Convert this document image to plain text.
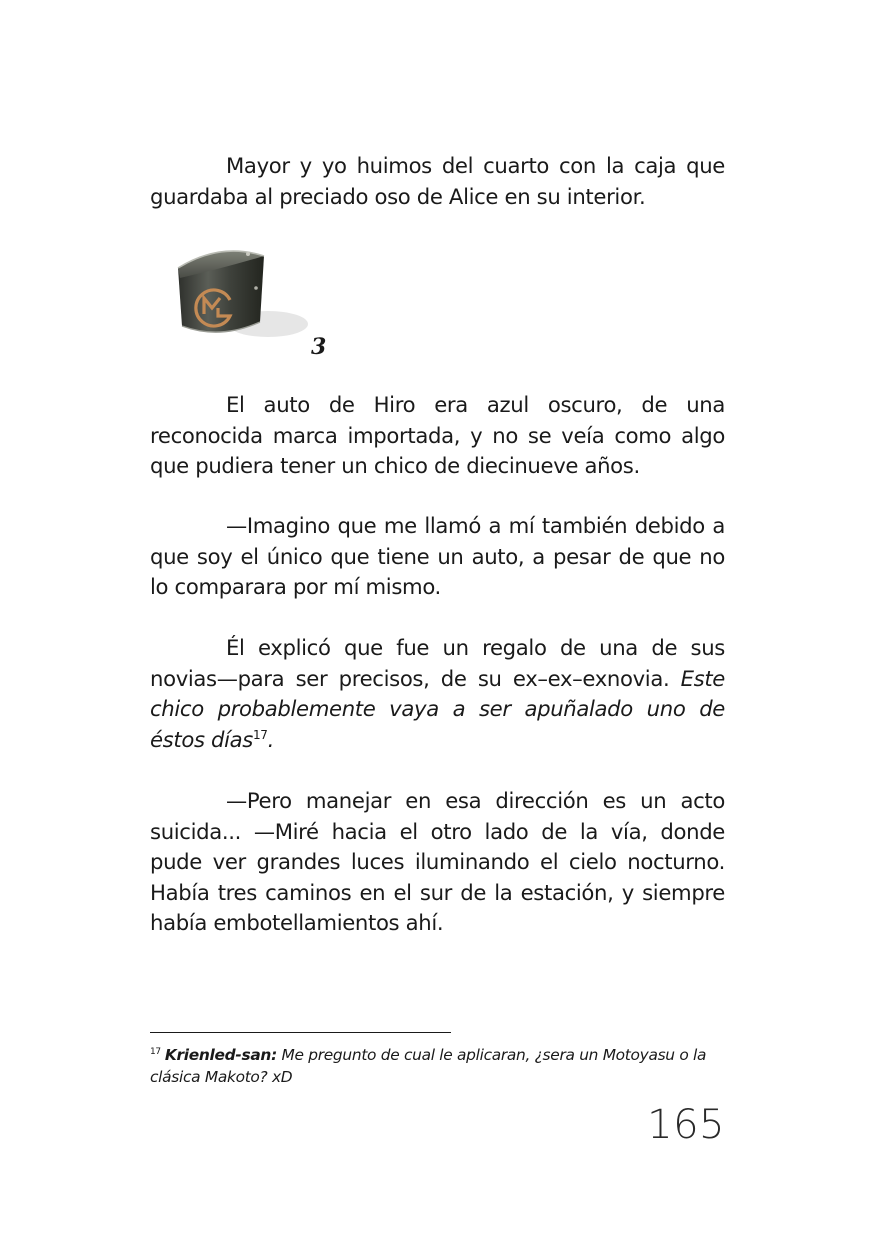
Mayor y yo huimos del cuarto con la caja que guardaba al preciado oso de Alice en su interior.

3

El auto de Hiro era azul oscuro, de una reconocida marca importada, y no se veía como algo que pudiera tener un chico de diecinueve años.

—Imagino que me llamó a mí también debido a que soy el único que tiene un auto, a pesar de que no lo comparara por mí mismo.

Él explicó que fue un regalo de una de sus novias—para ser precisos, de su ex–ex–exnovia. Este chico probablemente vaya a ser apuñalado uno de éstos días$^{17}$.

—Pero manejar en esa dirección es un acto suicida... —Miré hacia el otro lado de la vía, donde pude ver grandes luces iluminando el cielo nocturno. Había tres caminos en el sur de la estación, y siempre había embotellamientos ahí.

$^{17}$ Krienled-san: Me pregunto de cual le aplicaran, ¿sera un Motoyasu o la clásica Makoto? xD
165
